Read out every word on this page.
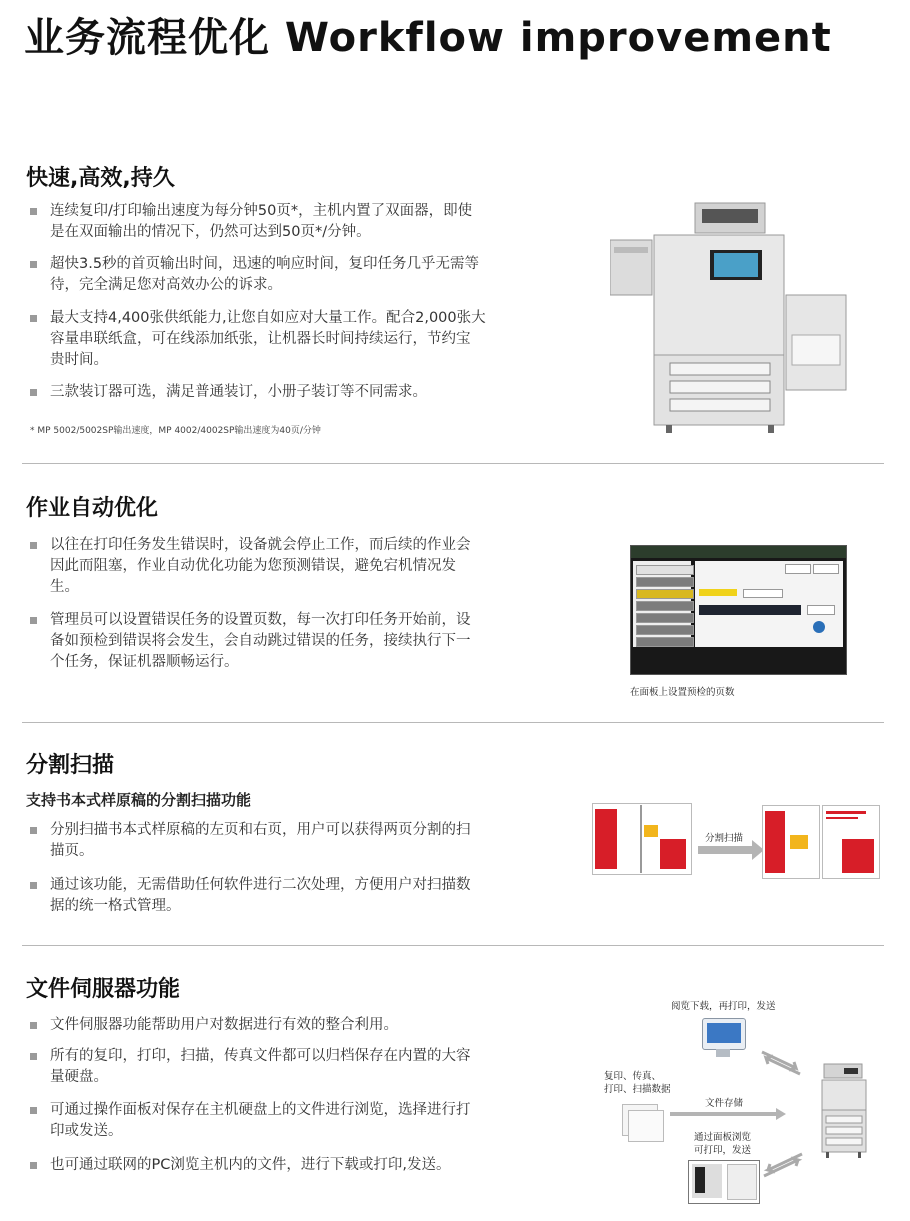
业务流程优化 Workflow improvement
快速,高效,持久
连续复印/打印输出速度为每分钟50页*，主机内置了双面器，即使
是在双面输出的情况下，仍然可达到50页*/分钟。
超快3.5秒的首页输出时间，迅速的响应时间，复印任务几乎无需等
待，完全满足您对高效办公的诉求。
最大支持4,400张供纸能力,让您自如应对大量工作。配合2,000张大
容量串联纸盒，可在线添加纸张，让机器长时间持续运行，节约宝
贵时间。
三款装订器可选，满足普通装订，小册子装订等不同需求。
* MP 5002/5002SP输出速度，MP 4002/4002SP输出速度为40页/分钟
作业自动优化
以往在打印任务发生错误时，设备就会停止工作，而后续的作业会
因此而阻塞，作业自动优化功能为您预测错误，避免宕机情况发
生。
管理员可以设置错误任务的设置页数，每一次打印任务开始前，设
备如预检到错误将会发生，会自动跳过错误的任务，接续执行下一
个任务，保证机器顺畅运行。
在面板上设置预检的页数
分割扫描
支持书本式样原稿的分割扫描功能
分别扫描书本式样原稿的左页和右页，用户可以获得两页分割的扫
描页。
通过该功能，无需借助任何软件进行二次处理，方便用户对扫描数
据的统一格式管理。
分割扫描
文件伺服器功能
文件伺服器功能帮助用户对数据进行有效的整合利用。
所有的复印，打印，扫描，传真文件都可以归档保存在内置的大容
量硬盘。
可通过操作面板对保存在主机硬盘上的文件进行浏览，选择进行打
印或发送。
也可通过联网的PC浏览主机内的文件，进行下载或打印,发送。
阅览下载，再打印，发送
复印、传真、
打印、扫描数据
文件存储
通过面板浏览
可打印，发送
